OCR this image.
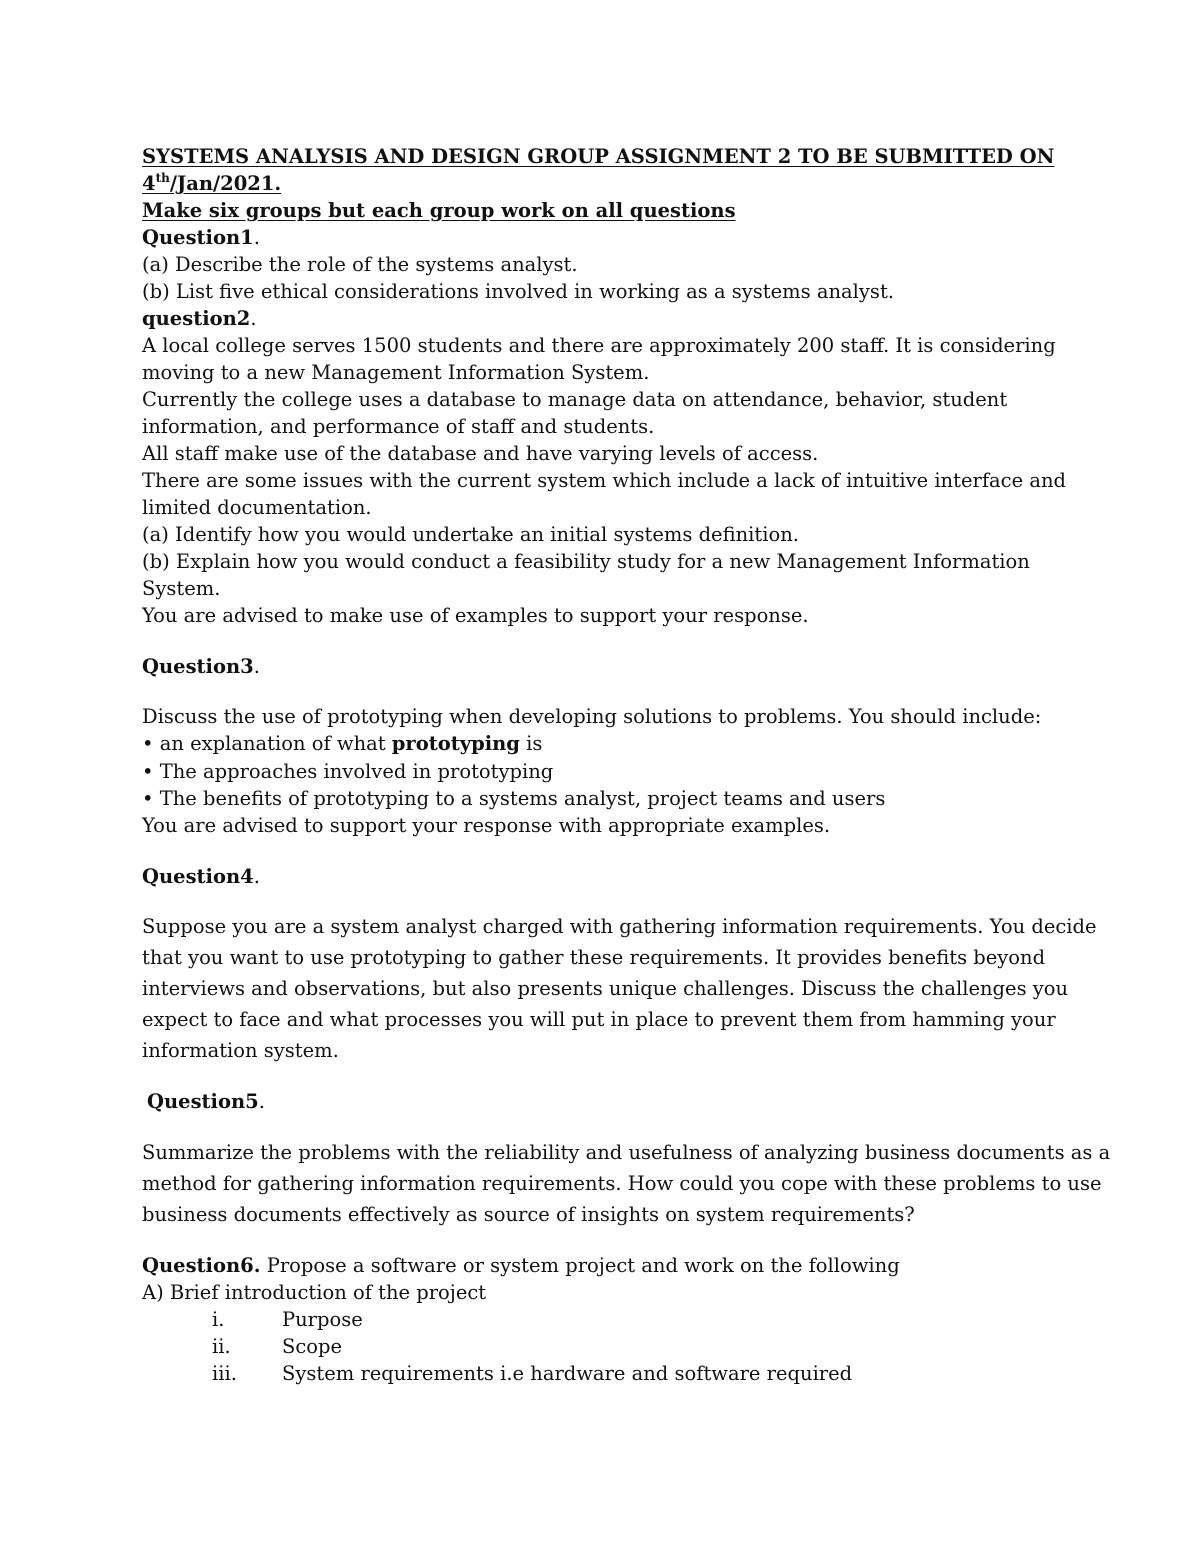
SYSTEMS ANALYSIS AND DESIGN GROUP ASSIGNMENT 2 TO BE SUBMITTED ON
4th/Jan/2021.
Make six groups but each group work on all questions
Question1.
(a) Describe the role of the systems analyst.
(b) List five ethical considerations involved in working as a systems analyst.
question2.
A local college serves 1500 students and there are approximately 200 staff. It is considering
moving to a new Management Information System.
Currently the college uses a database to manage data on attendance, behavior, student
information, and performance of staff and students.
All staff make use of the database and have varying levels of access.
There are some issues with the current system which include a lack of intuitive interface and
limited documentation.
(a) Identify how you would undertake an initial systems definition.
(b) Explain how you would conduct a feasibility study for a new Management Information
System.
You are advised to make use of examples to support your response.
Question3.
Discuss the use of prototyping when developing solutions to problems. You should include:
• an explanation of what prototyping is
• The approaches involved in prototyping
• The benefits of prototyping to a systems analyst, project teams and users
You are advised to support your response with appropriate examples.
Question4.
Suppose you are a system analyst charged with gathering information requirements. You decide
that you want to use prototyping to gather these requirements. It provides benefits beyond
interviews and observations, but also presents unique challenges. Discuss the challenges you
expect to face and what processes you will put in place to prevent them from hamming your
information system.
Question5.
Summarize the problems with the reliability and usefulness of analyzing business documents as a
method for gathering information requirements. How could you cope with these problems to use
business documents effectively as source of insights on system requirements?
Question6. Propose a software or system project and work on the following
A) Brief introduction of the project
i.	Purpose
ii.	Scope
iii. System requirements i.e hardware and software required
